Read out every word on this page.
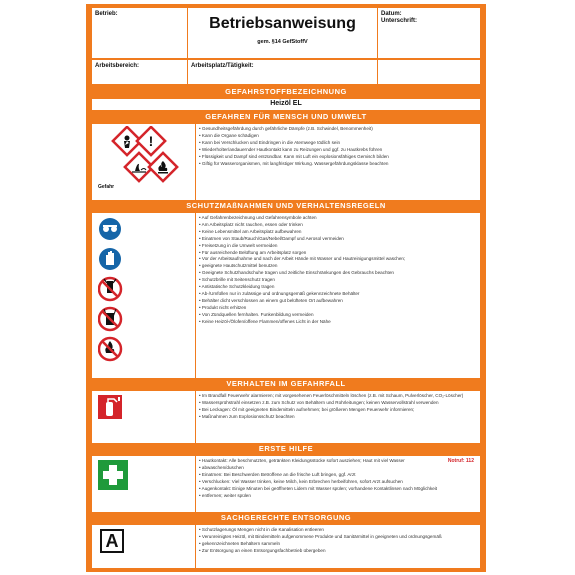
Betrieb:
Betriebsanweisung
gem. §14 GefStoffV
Datum:
Unterschrift:
Arbeitsbereich:	Arbeitsplatz/Tätigkeit:
GEFAHRSTOFFBEZEICHNUNG
Heizöl EL
GEFAHREN FÜR MENSCH UND UMWELT
!
Gefahr
• Gesundheitsgefährdung durch gefährliche Dämpfe (z.B. Schwindel, Benommenheit)
• Kann die Organe schädigen
• Kann bei Verschlucken und Eindringen in die Atemwege tödlich sein
• Wiederholter/andauernder Hautkontakt kann zu Reizungen und ggf. zu Hautkrebs führen
• Flüssigkeit und Dampf sind entzündbar. Kann mit Luft ein explosionsfähiges Gemisch bilden
• Giftig für Wasserorganismen, mit langfristiger Wirkung. Wassergefährdungsklasse beachten
SCHUTZMAßNAHMEN UND VERHALTENSREGELN
• Auf Gefahrenbezeichnung und Gefahrensymbole achten
• Am Arbeitsplatz nicht rauchen, essen oder trinken
• Keine Lebensmittel am Arbeitsplatz aufbewahren
• Einatmen von Staub/Rauch/Gas/Nebel/Dampf und Aerosol vermeiden
• Freisetzung in die Umwelt vermeiden
• Für ausreichende Belüftung am Arbeitsplatz sorgen
• Vor der Arbeitsaufnahme und nach der Arbeit Hände mit Wasser und Hautreinigungsmittel waschen;
• geeignete Hautschutzmittel benutzen
• Geeignete Schutzhandschuhe tragen und zeitliche Einschränkungen des Gebrauchs beachten
• Schutzbrille mit Seitenschutz tragen
• Antistatische Schutzkleidung tragen
• Ab-/Umfüllen nur in zulässige und ordnungsgemäß gekennzeichnete Behälter
• Behälter dicht verschlossen an einem gut belüfteten Ort aufbewahren
• Produkt nicht erhitzen
• Von Zündquellen fernhalten. Funkenbildung vermeiden
• Keine Heizöl-/Ölofen/offene Flammen/offenes Licht in der Nähe
VERHALTEN IM GEFAHRFALL
• Im Brandfall Feuerwehr alarmieren; mit vorgesehenen Feuerlöschmitteln löschen (z.B. mit Schaum, Pulverlöscher, CO₂-Löscher)
• Wassersprühstrahl einsetzen z.B. zum Schutz von Behältern und Rohrleitungen; keinen Wasservollstrahl verwenden
• Bei Leckagen: Öl mit geeigneten Bindemitteln aufnehmen; bei größeren Mengen Feuerwehr informieren;
• Maßnahmen zum Explosionsschutz beachten
ERSTE HILFE
Notruf: 112
• Hautkontakt: Alle beschmutzten, getränkten Kleidungsstücke sofort ausziehen; Haut mit viel Wasser
• abwaschen/duschen
• Einatmen: Bei Beschwerden Betroffene an die frische Luft bringen, ggf. Arzt
• Verschlucken: Viel Wasser trinken, keine Milch, kein Erbrechen herbeiführen, sofort Arzt aufsuchen
• Augenkontakt: Einige Minuten bei geöffneten Lidern mit Wasser spülen; vorhandene Kontaktlinsen nach Möglichkeit
• entfernen; weiter spülen
SACHGERECHTE ENTSORGUNG
A
• Schutzlagerungs Mengen nicht in die Kanalisation entleeren
• Verunreinigtes Heizöl, mit Bindemitteln aufgenommene Produkte und Sanitärmittel in geeigneten und ordnungsgemäß
• gekennzeichneten Behältern sammeln
• Zur Entsorgung an einen Entsorgungsfachbetrieb übergeben
